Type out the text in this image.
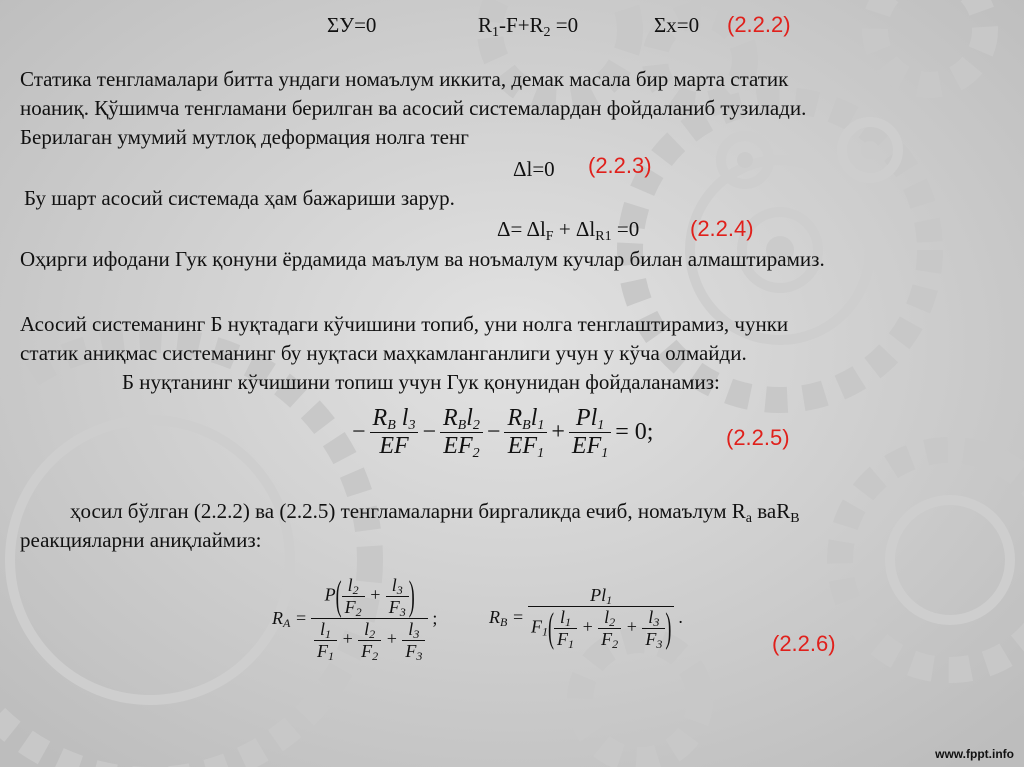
ΣУ=0	$R_1-F+R_2 =0$	Σx=0 (2.2.2)
Статика тенгламалари битта ундаги номаълум иккита, демак масала бир марта статик
ноаниқ. Қўшимча тенгламани берилган ва асосий системалардан фойдаланиб тузилади.
Берилаган умумий мутлоқ деформация нолга тенг
Δl=0 (2.2.3)
Бу шарт асосий системада ҳам бажариши зарур.
$\Delta= \Delta l_F + \Delta l_{R1} =0$ (2.2.4)
Оҳирги ифодани Гук қонуни ёрдамида маълум ва ноъмалум кучлар билан алмаштирамиз.
Асосий системанинг Б нуқтадаги кўчишини топиб, уни нолга тенглаштирамиз, чунки
статик аниқмас системанинг бу нуқтаси маҳкамланганлиги учун у кўча олмайди.
Б нуқтанинг кўчишини топиш учун Гук қонунидан фойдаланамиз:
− $\frac{R_B l_3}{EF} - \frac{R_Bl_2}{EF_2} - \frac{R_Bl_1}{EF_1} + \frac{Pl_1}{EF_1} = 0$;	(2.2.5)
ҳосил бўлган (2.2.2) ва (2.2.5) тенгламаларни биргаликда ечиб, номаълум $R_a$ ваR$_B$
реакцияларни аниқлаймиз:
$R_A = \frac{P( \frac{l_2}{F_2} + \frac{l_3}{F_3} )}{\frac{l_1}{F_1} + \frac{l_2}{F_2} + \frac{l_3}{F_3}}$ ;	$R_B = \frac{Pl_1}{F_1( \frac{l_1}{F_1} + \frac{l_2}{F_2} + \frac{l_3}{F_3} )}$ .
(2.2.6)
www.fppt.info
